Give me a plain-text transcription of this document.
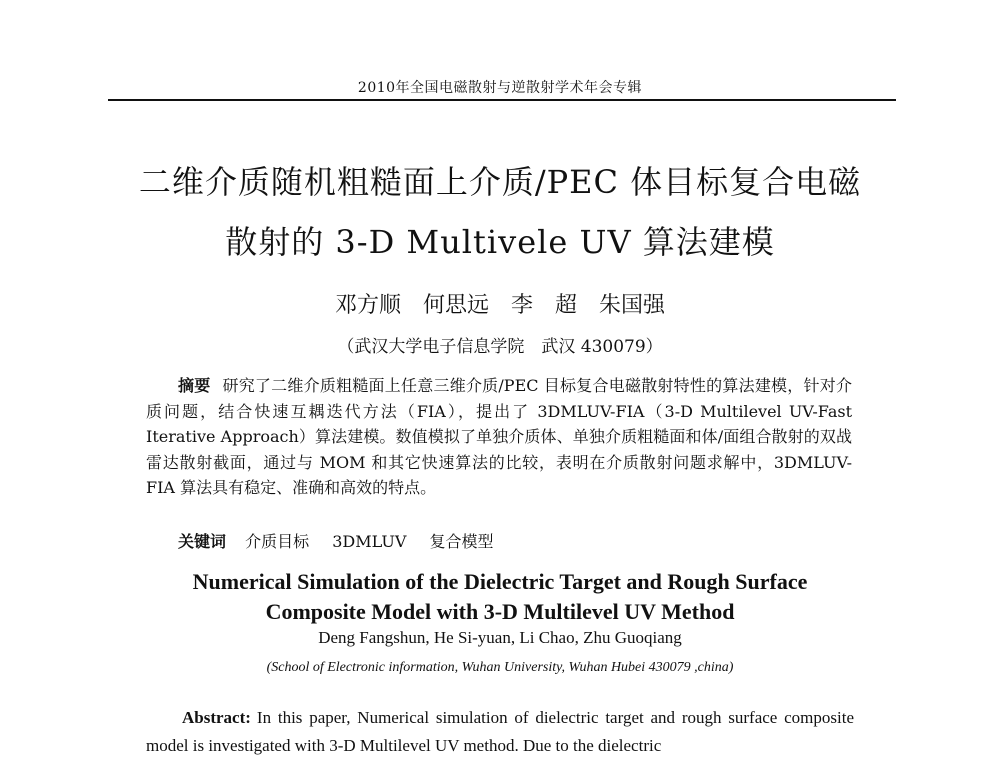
2010年全国电磁散射与逆散射学术年会专辑
二维介质随机粗糙面上介质/PEC 体目标复合电磁
散射的 3-D Multivele UV 算法建模
邓方顺　何思远　李　超　朱国强
（武汉大学电子信息学院　武汉 430079）
摘要 研究了二维介质粗糙面上任意三维介质/PEC 目标复合电磁散射特性的算法建模，针对介质问题，结合快速互耦迭代方法（FIA），提出了 3DMLUV-FIA（3-D Multilevel UV-Fast Iterative Approach）算法建模。数值模拟了单独介质体、单独介质粗糙面和体/面组合散射的双战雷达散射截面，通过与 MOM 和其它快速算法的比较，表明在介质散射问题求解中，3DMLUV-FIA 算法具有稳定、准确和高效的特点。
关键词 介质目标 3DMLUV 复合模型
Numerical Simulation of the Dielectric Target and Rough Surface
Composite Model with 3-D Multilevel UV Method
Deng Fangshun, He Si-yuan, Li Chao, Zhu Guoqiang
(School of Electronic information, Wuhan University, Wuhan Hubei 430079 ,china)
Abstract: In this paper, Numerical simulation of dielectric target and rough surface composite model is investigated with 3-D Multilevel UV method. Due to the dielectric
